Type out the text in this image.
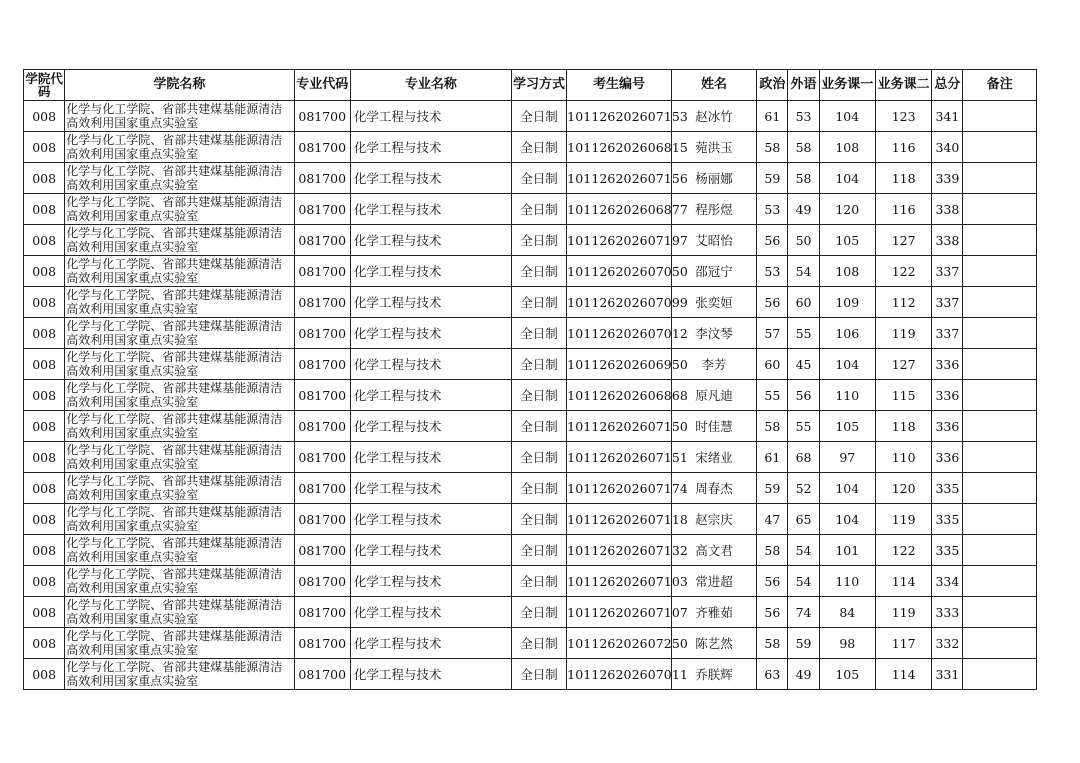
学院代码	学院名称	专业代码	专业名称	学习方式	考生编号	姓名	政治	外语	业务课一	业务课二	总分	备注
008	化学与化工学院、省部共建煤基能源清洁高效利用国家重点实验室	081700	化学工程与技术	全日制	101126202607153	赵冰竹	61	53	104	123	341	
008	化学与化工学院、省部共建煤基能源清洁高效利用国家重点实验室	081700	化学工程与技术	全日制	101126202606815	菀洪玉	58	58	108	116	340	
008	化学与化工学院、省部共建煤基能源清洁高效利用国家重点实验室	081700	化学工程与技术	全日制	101126202607156	杨丽娜	59	58	104	118	339	
008	化学与化工学院、省部共建煤基能源清洁高效利用国家重点实验室	081700	化学工程与技术	全日制	101126202606877	程彤煜	53	49	120	116	338	
008	化学与化工学院、省部共建煤基能源清洁高效利用国家重点实验室	081700	化学工程与技术	全日制	101126202607197	艾昭怡	56	50	105	127	338	
008	化学与化工学院、省部共建煤基能源清洁高效利用国家重点实验室	081700	化学工程与技术	全日制	101126202607050	邵冠宁	53	54	108	122	337	
008	化学与化工学院、省部共建煤基能源清洁高效利用国家重点实验室	081700	化学工程与技术	全日制	101126202607099	张奕姮	56	60	109	112	337	
008	化学与化工学院、省部共建煤基能源清洁高效利用国家重点实验室	081700	化学工程与技术	全日制	101126202607012	李汶琴	57	55	106	119	337	
008	化学与化工学院、省部共建煤基能源清洁高效利用国家重点实验室	081700	化学工程与技术	全日制	101126202606950	李芳	60	45	104	127	336	
008	化学与化工学院、省部共建煤基能源清洁高效利用国家重点实验室	081700	化学工程与技术	全日制	101126202606868	原凡迪	55	56	110	115	336	
008	化学与化工学院、省部共建煤基能源清洁高效利用国家重点实验室	081700	化学工程与技术	全日制	101126202607150	时佳慧	58	55	105	118	336	
008	化学与化工学院、省部共建煤基能源清洁高效利用国家重点实验室	081700	化学工程与技术	全日制	101126202607151	宋绪业	61	68	97	110	336	
008	化学与化工学院、省部共建煤基能源清洁高效利用国家重点实验室	081700	化学工程与技术	全日制	101126202607174	周春杰	59	52	104	120	335	
008	化学与化工学院、省部共建煤基能源清洁高效利用国家重点实验室	081700	化学工程与技术	全日制	101126202607118	赵宗庆	47	65	104	119	335	
008	化学与化工学院、省部共建煤基能源清洁高效利用国家重点实验室	081700	化学工程与技术	全日制	101126202607132	高文君	58	54	101	122	335	
008	化学与化工学院、省部共建煤基能源清洁高效利用国家重点实验室	081700	化学工程与技术	全日制	101126202607103	常进超	56	54	110	114	334	
008	化学与化工学院、省部共建煤基能源清洁高效利用国家重点实验室	081700	化学工程与技术	全日制	101126202607107	齐雅茹	56	74	84	119	333	
008	化学与化工学院、省部共建煤基能源清洁高效利用国家重点实验室	081700	化学工程与技术	全日制	101126202607250	陈艺然	58	59	98	117	332	
008	化学与化工学院、省部共建煤基能源清洁高效利用国家重点实验室	081700	化学工程与技术	全日制	101126202607011	乔朕辉	63	49	105	114	331	
